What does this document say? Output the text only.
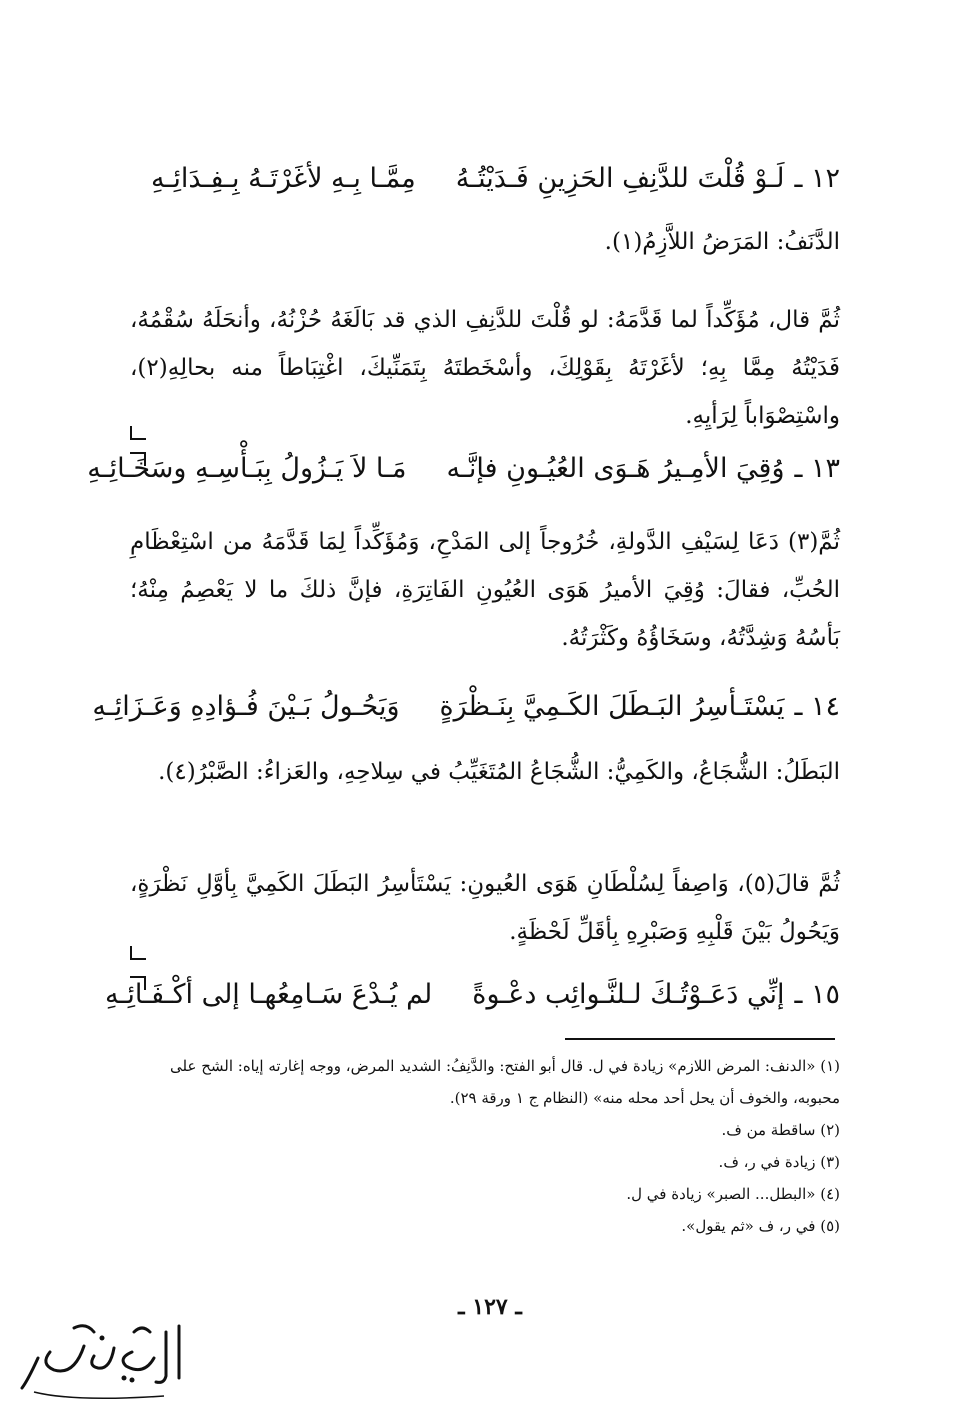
١٢ ـ
لَـوْ قُلْتَ للدَّنِفِ الحَزِينِ فَـدَيْتُـهُ
مِمَّـا بِـهِ لأغَرْتَـهُ بِـفِـدَائِـهِ

الدَّنَفُ: المَرَضُ اللاَّزِمُ(١).

ثُمَّ قال، مُؤَكِّداً لما قَدَّمَهُ: لو قُلْتَ للدَّنِفِ الذي قد بَالَغَهُ حُزْنُهُ، وأنحَلَهُ سُقْمُهُ، فَدَيْتُهُ مِمَّا بِهِ؛ لأغَرْتَهُ بِقَوْلِكَ، وأسْخَطتَهُ بِتَمَنِّيكَ، اغْتِبَاطاً منه بحالِهِ(٢)، واسْتِصْوَاباً لِرَأيِهِ.

١٣ ـ
وُقِيَ الأمِـيرُ هَـوَى العُيُـونِ فإنَّـه
مَـا لاَ يَـزُولُ بِبَـأْسِـهِ وسَخَـائِـهِ

ثُمَّ(٣) دَعَا لِسَيْفِ الدَّولةِ، خُرُوجاً إلى المَدْحِ، وَمُؤَكِّداً لِمَا قَدَّمَهُ من اسْتِعْظَامِ الحُبِّ، فقالَ: وُقِيَ الأميرُ هَوَى العُيُونِ الفَاتِرَةِ، فإنَّ ذلكَ ما لا يَعْصِمُ مِنْهُ؛ بَأسُهُ وَشِدَّتُهُ، وسَخَاؤُهُ وكَثْرَتُهُ.

١٤ ـ
يَسْتَـأسِرُ البَـطَلَ الكَـمِيَّ بِنَـظْرَةٍ
وَيَحُـولُ بَـيْنَ فُـؤادِهِ وَعَـزَائِـهِ

البَطَلُ: الشُّجَاعُ، والكَمِيُّ: الشُّجَاعُ المُتَغَيِّبُ في سِلاحِهِ، والعَزاءُ: الصَّبْرُ(٤).

ثُمَّ قالَ(٥)، وَاصِفاً لِسُلْطَانِ هَوَى العُيونِ: يَسْتَأسِرُ البَطَلَ الكَمِيَّ بِأوَّلِ نَظْرَةٍ، وَيَحُولُ بَيْنَ قَلْبِهِ وَصَبْرِهِ بِأقَلِّ لَحْظَةٍ.

١٥ ـ
إنِّي دَعَـوْتُـكَ لـلنَّـوائِب دعْـوةً
لم يُـدْعَ سَـامِعُهـا إلى أكْـفَـائِـهِ
(١) «الدنف: المرض اللازم» زيادة في ل. قال أبو الفتح: والدَّنِفُ: الشديد المرض، ووجه إغارته إياه: الشح على محبوبه، والخوف أن يحل أحد محله منه» (النظام ج ١ ورقة ٢٩).
(٢) ساقطة من ف.
(٣) زيادة في ر، ف.
(٤) «البطل... الصبر» زيادة في ل.
(٥) في ر، ف «ثم يقول».
ـ ١٢٧ ـ
